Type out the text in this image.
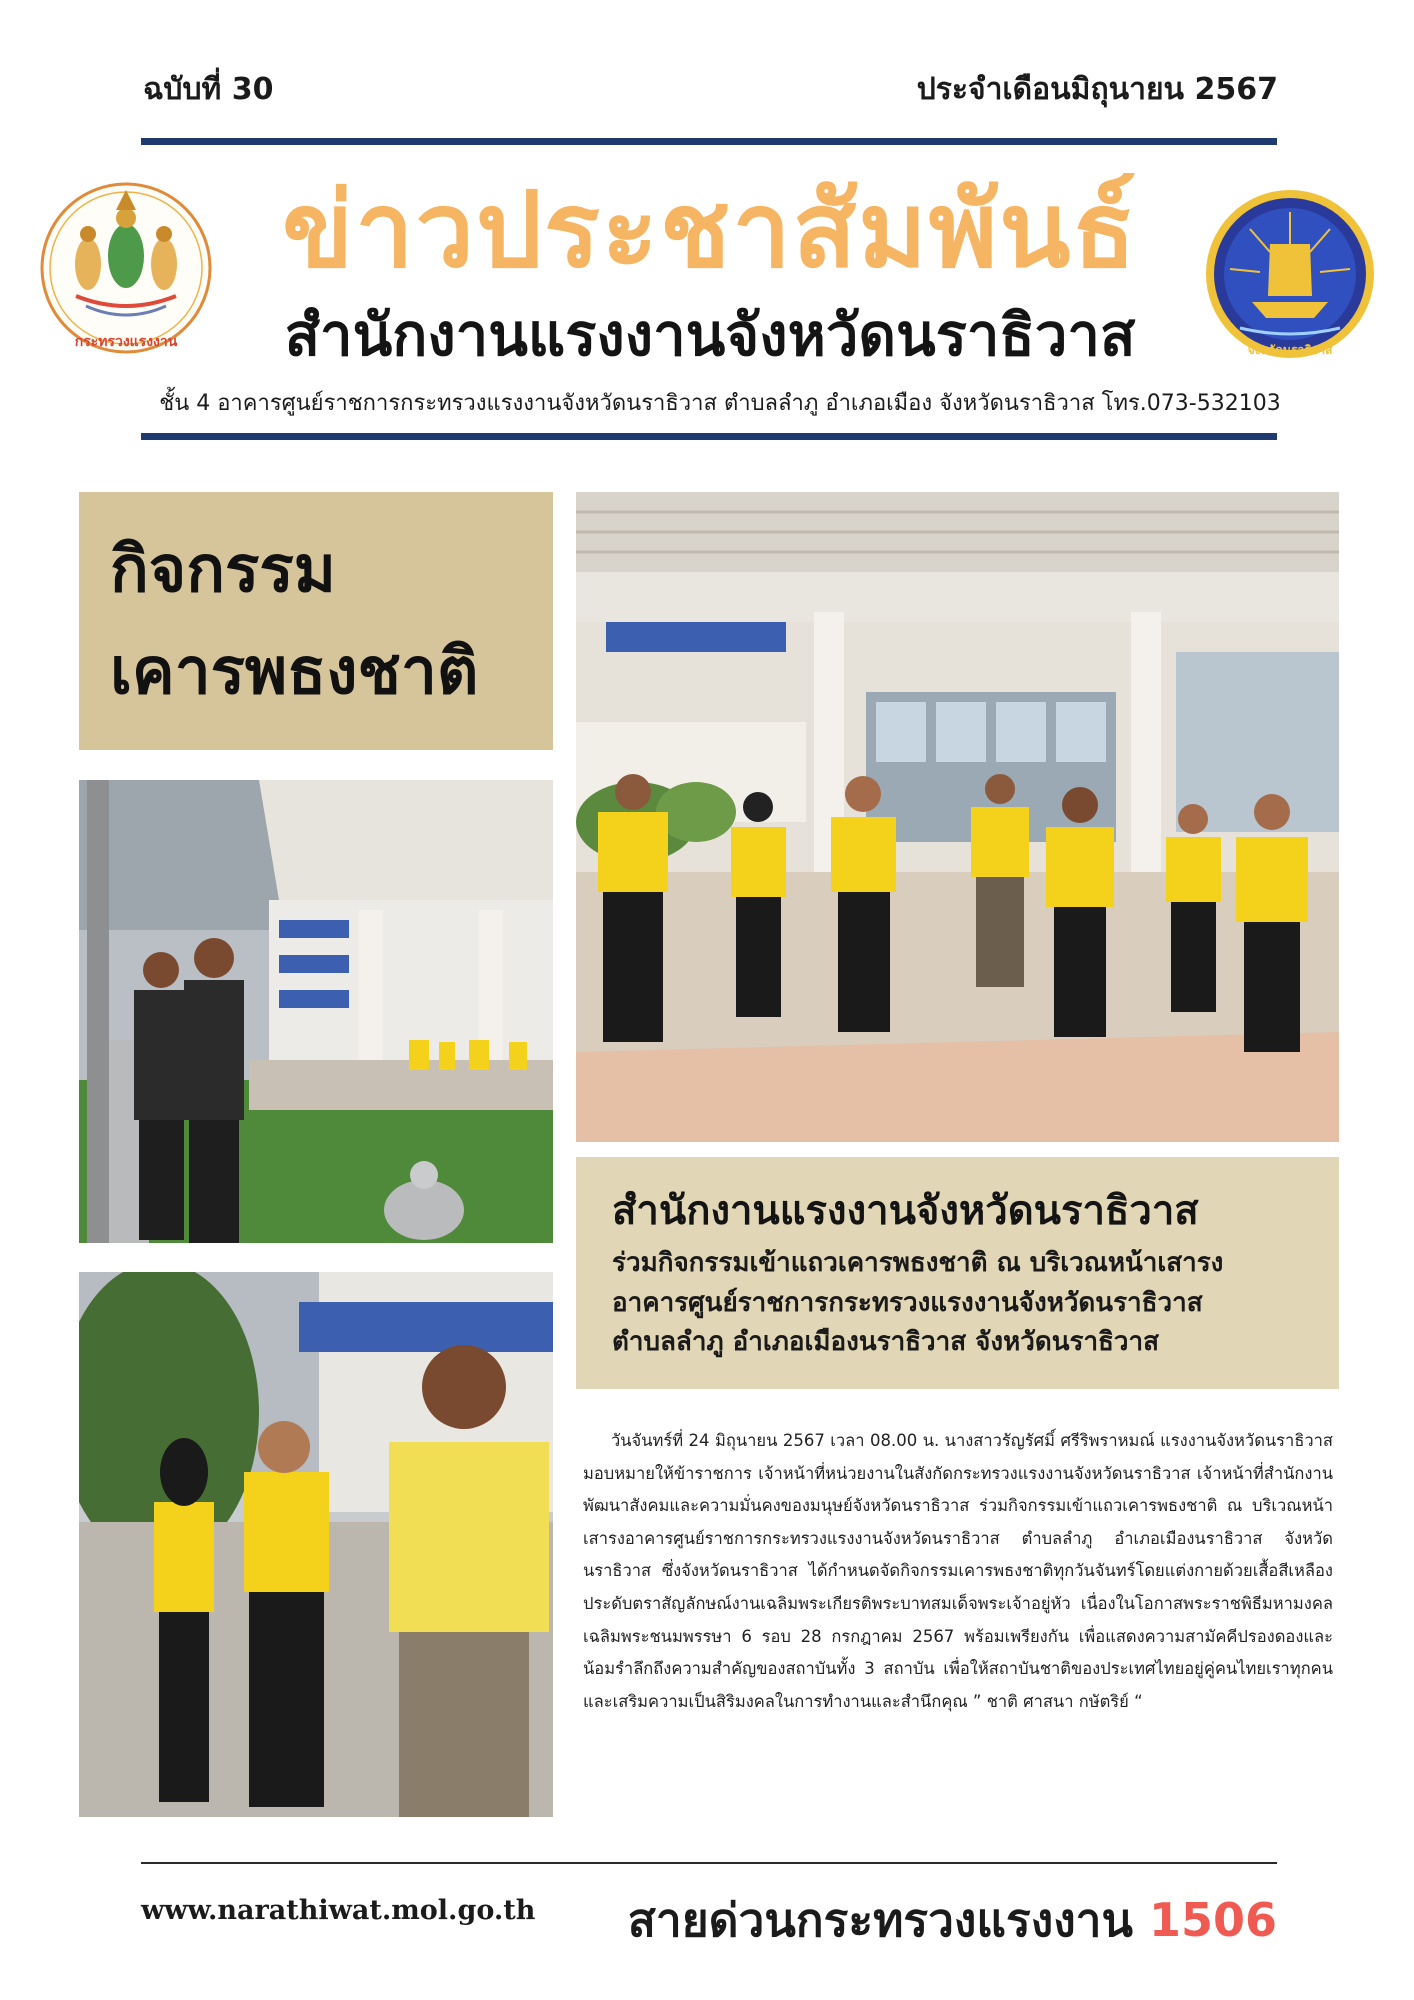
ฉบับที่ 30	ประจำเดือนมิถุนายน 2567
กระทรวงแรงงาน
ข่าวประชาสัมพันธ์
สำนักงานแรงงานจังหวัดนราธิวาส	จังหวัดนราธิวาส
ชั้น 4 อาคารศูนย์ราชการกระทรวงแรงงานจังหวัดนราธิวาส ตำบลลำภู อำเภอเมือง จังหวัดนราธิวาส โทร.073-532103
กิจกรรม
เคารพธงชาติ
สำนักงานแรงงานจังหวัดนราธิวาส
ร่วมกิจกรรมเข้าแถวเคารพธงชาติ ณ บริเวณหน้าเสารง
อาคารศูนย์ราชการกระทรวงแรงงานจังหวัดนราธิวาส
ตำบลลำภู อำเภอเมืองนราธิวาส จังหวัดนราธิวาส

วันจันทร์ที่ 24 มิถุนายน 2567 เวลา 08.00 น. นางสาวรัญรัศมิ์ ศรีริพราหมณ์ แรงงานจังหวัดนราธิวาส มอบหมายให้ข้าราชการ เจ้าหน้าที่หน่วยงานในสังกัดกระทรวงแรงงานจังหวัดนราธิวาส เจ้าหน้าที่สำนักงานพัฒนาสังคมและความมั่นคงของมนุษย์จังหวัดนราธิวาส ร่วมกิจกรรมเข้าแถวเคารพธงชาติ ณ บริเวณหน้าเสารงอาคารศูนย์ราชการกระทรวงแรงงานจังหวัดนราธิวาส ตำบลลำภู อำเภอเมืองนราธิวาส จังหวัดนราธิวาส ซึ่งจังหวัดนราธิวาส ได้กำหนดจัดกิจกรรมเคารพธงชาติทุกวันจันทร์โดยแต่งกายด้วยเสื้อสีเหลืองประดับตราสัญลักษณ์งานเฉลิมพระเกียรติพระบาทสมเด็จพระเจ้าอยู่หัว เนื่องในโอกาสพระราชพิธีมหามงคลเฉลิมพระชนมพรรษา 6 รอบ 28 กรกฎาคม 2567 พร้อมเพรียงกัน เพื่อแสดงความสามัคคีปรองดองและน้อมรำลึกถึงความสำคัญของสถาบันทั้ง 3 สถาบัน เพื่อให้สถาบันชาติของประเทศไทยอยู่คู่คนไทยเราทุกคน และเสริมความเป็นสิริมงคลในการทำงานและสำนึกคุณ ” ชาติ ศาสนา กษัตริย์ “

www.narathiwat.mol.go.th สายด่วนกระทรวงแรงงาน 1506
